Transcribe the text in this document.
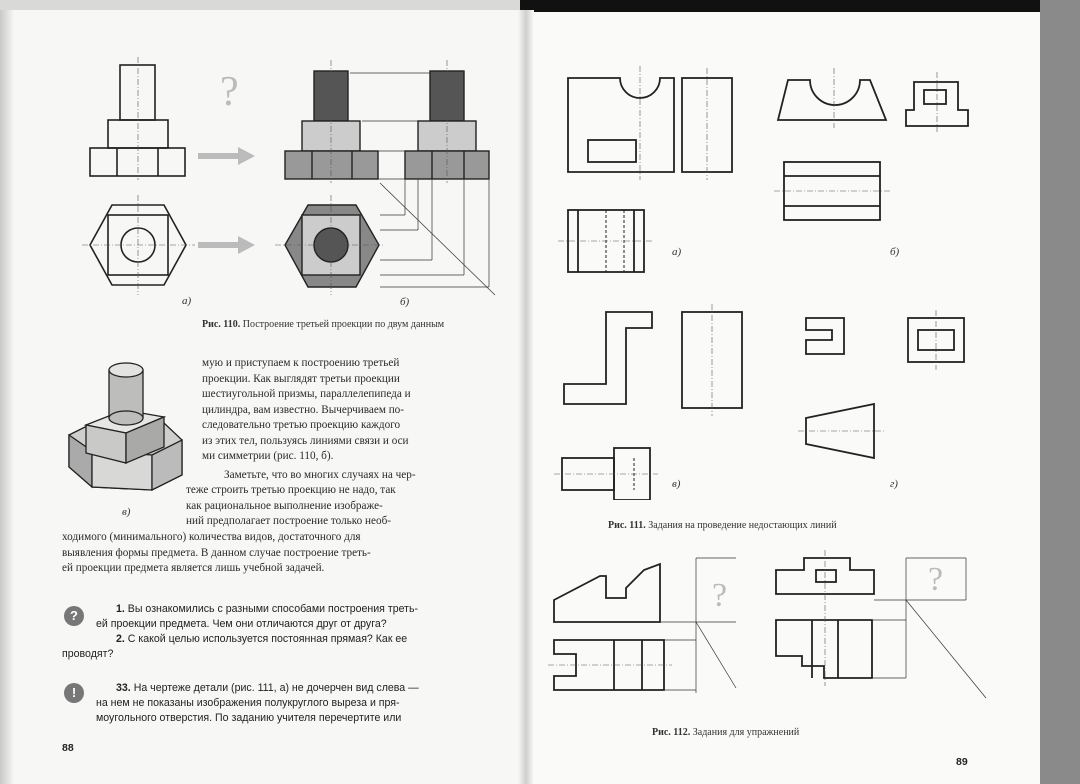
?
а)	б)
Рис. 110. Построение третьей проекции по двум данным
в)
мую и приступаем к построению третьей
проекции. Как выглядят третьи проекции
шестиугольной призмы, параллелепипеда и
цилиндра, вам известно. Вычерчиваем по-
следовательно третью проекцию каждого
из этих тел, пользуясь линиями связи и оси
ми симметрии (рис. 110, б).
Заметьте, что во многих случаях на чер-
теже строить третью проекцию не надо, так
как рациональное выполнение изображе-
ний предполагает построение только необ-
ходимого (минимального) количества видов, достаточного для
выявления формы предмета. В данном случае построение треть-
ей проекции предмета является лишь учебной задачей.
?	1. Вы ознакомились с разными способами построения треть-
ей проекции предмета. Чем они отличаются друг от друга?
2. С какой целью используется постоянная прямая? Как ее
проводят?
!	33. На чертеже детали (рис. 111, а) не дочерчен вид слева —
на нем не показаны изображения полукруглого выреза и пря-
моугольного отверстия. По заданию учителя перечертите или
88
а)	б)
в)	г)
Рис. 111. Задания на проведение недостающих линий
?	?
Рис. 112. Задания для упражнений
89
